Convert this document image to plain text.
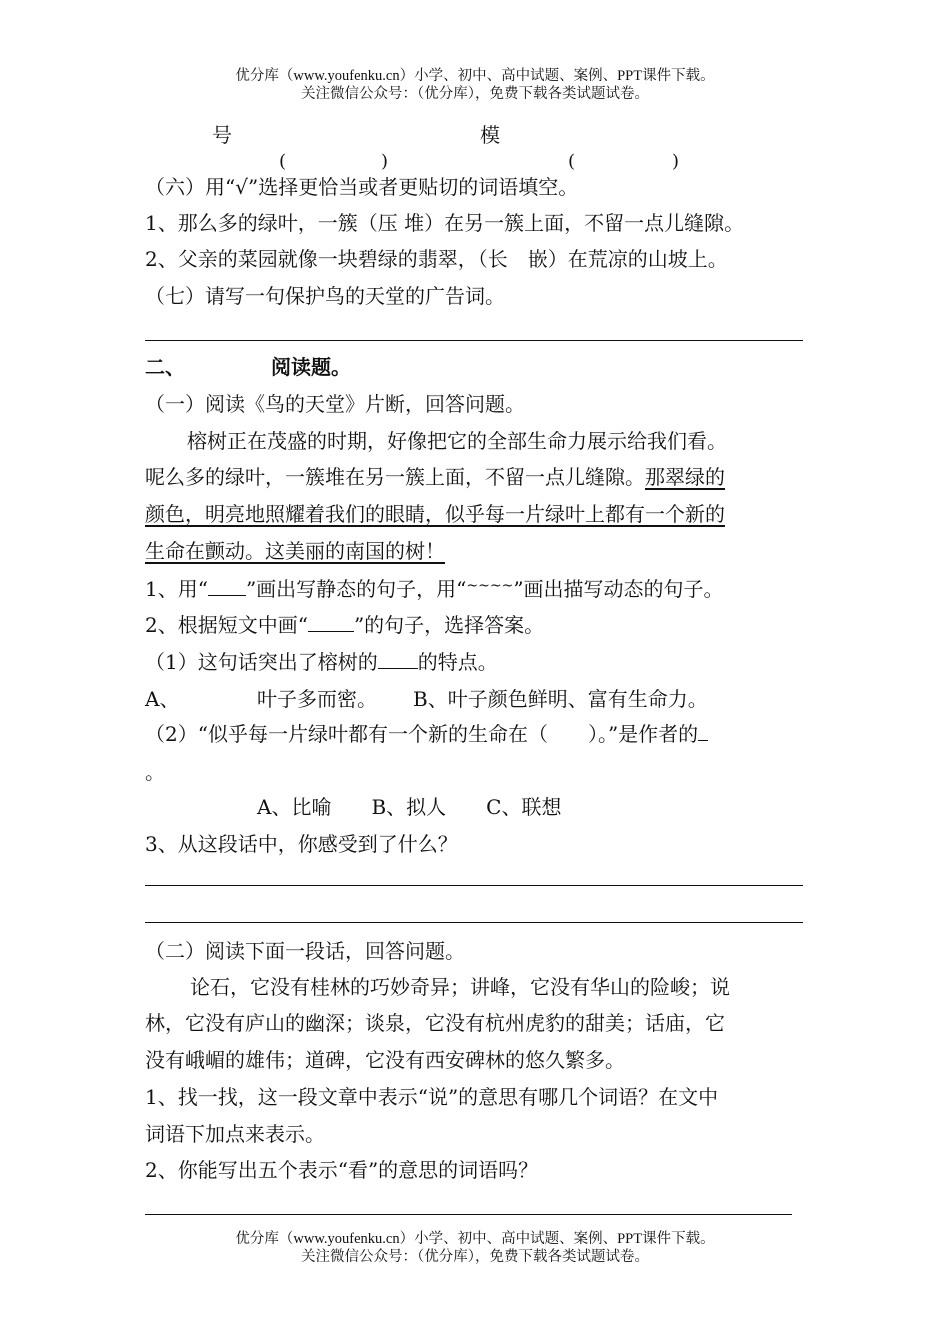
优分库（www.youfenku.cn）小学、初中、高中试题、案例、PPT课件下载。
关注微信公众号：（优分库），免费下载各类试题试卷。
号	模
(	)	(	)
（六）用“√”选择更恰当或者更贴切的词语填空。
1、那么多的绿叶，一簇（压 堆）在另一簇上面，不留一点儿缝隙。
2、父亲的菜园就像一块碧绿的翡翠，（长　嵌）在荒凉的山坡上。
（七）请写一句保护鸟的天堂的广告词。
二、	阅读题。
（一）阅读《鸟的天堂》片断，回答问题。
榕树正在茂盛的时期，好像把它的全部生命力展示给我们看。
呢么多的绿叶，一簇堆在另一簇上面，不留一点儿缝隙。那翠绿的
颜色，明亮地照耀着我们的眼睛，似乎每一片绿叶上都有一个新的
生命在颤动。这美丽的南国的树！
1、用“ ”画出写静态的句子，用“~~~~”画出描写动态的句子。
2、根据短文中画“ ”的句子，选择答案。
（1）这句话突出了榕树的 的特点。
A、	叶子多而密。 B、叶子颜色鲜明、富有生命力。
（2）“似乎每一片绿叶都有一个新的生命在（　　）。”是作者的
。
A、比喻　　B、拟人　　C、联想
3、从这段话中，你感受到了什么？
（二）阅读下面一段话，回答问题。
论石，它没有桂林的巧妙奇异；讲峰，它没有华山的险峻；说
林，它没有庐山的幽深；谈泉，它没有杭州虎豹的甜美；话庙，它
没有峨嵋的雄伟；道碑，它没有西安碑林的悠久繁多。
1、找一找，这一段文章中表示“说”的意思有哪几个词语？在文中
词语下加点来表示。
2、你能写出五个表示“看”的意思的词语吗？
优分库（www.youfenku.cn）小学、初中、高中试题、案例、PPT课件下载。
关注微信公众号：（优分库），免费下载各类试题试卷。
